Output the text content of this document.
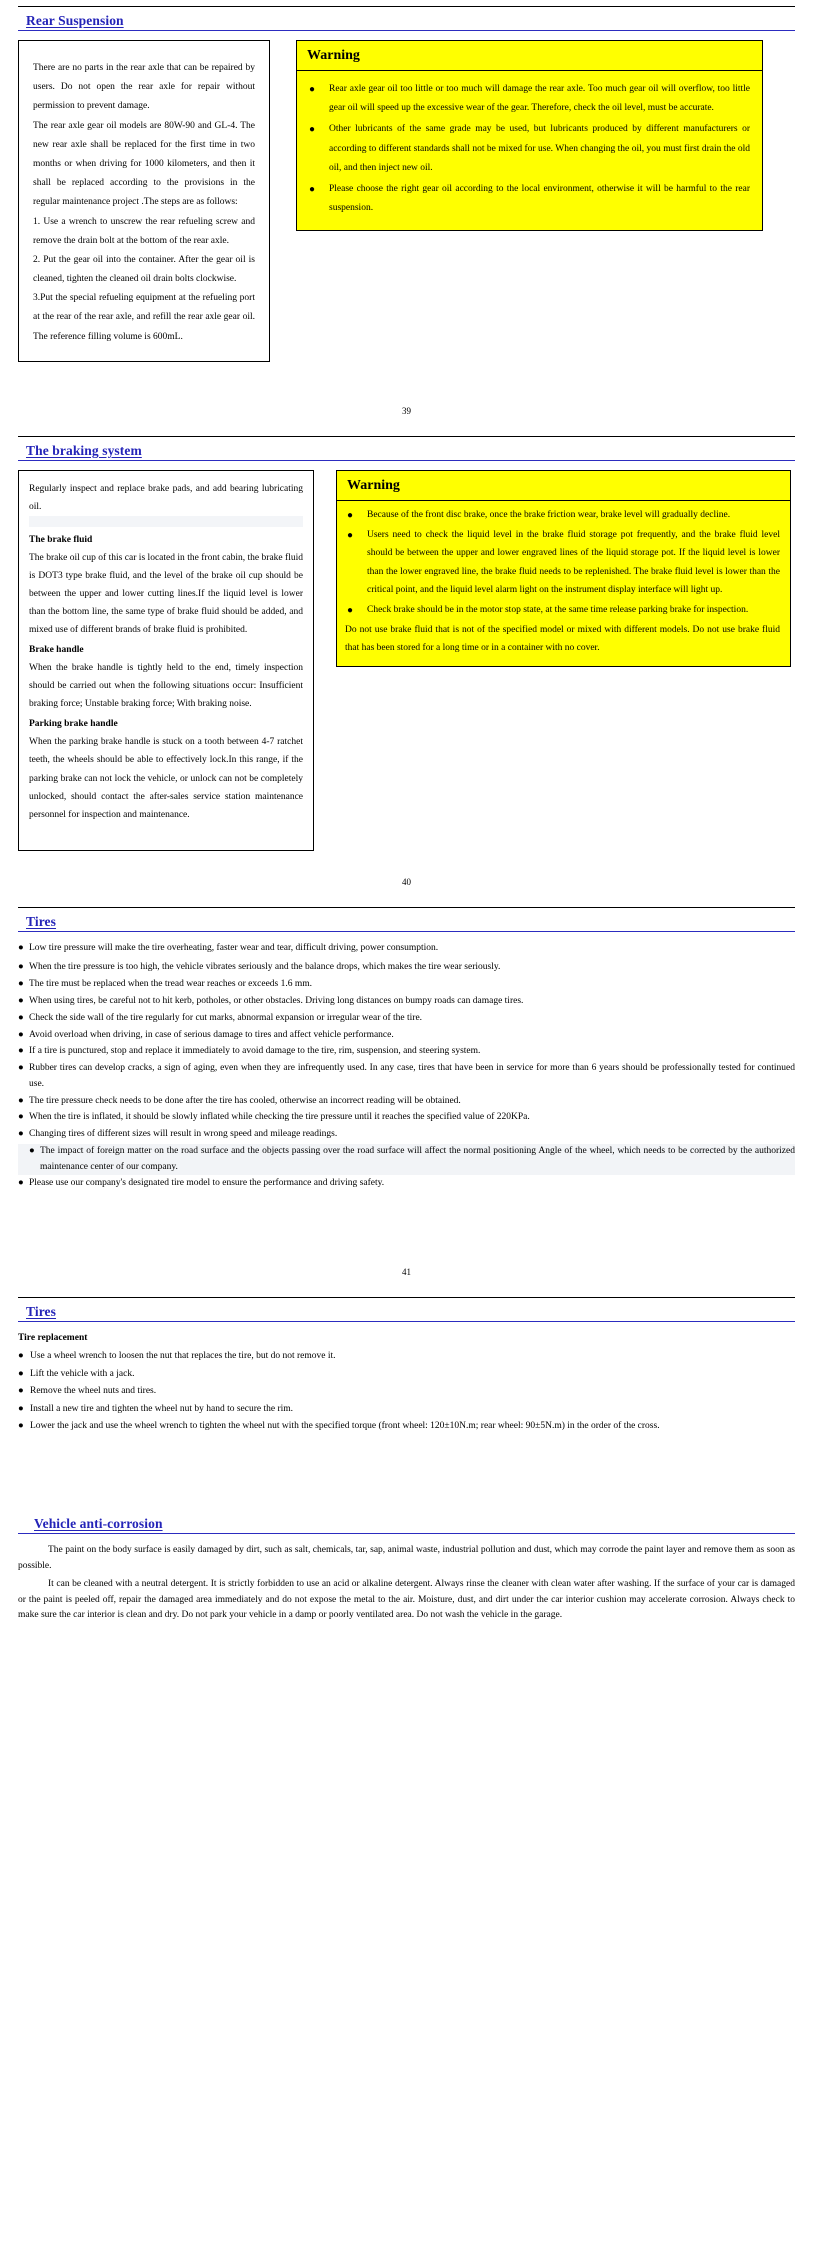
Rear Suspension

There are no parts in the rear axle that can be repaired by users. Do not open the rear axle for repair without permission to prevent damage.

The rear axle gear oil models are 80W-90 and GL-4. The new rear axle shall be replaced for the first time in two months or when driving for 1000 kilometers, and then it shall be replaced according to the provisions in the regular maintenance project .The steps are as follows:

1. Use a wrench to unscrew the rear refueling screw and remove the drain bolt at the bottom of the rear axle.

2. Put the gear oil into the container. After the gear oil is cleaned, tighten the cleaned oil drain bolts clockwise.

3.Put the special refueling equipment at the refueling port at the rear of the rear axle, and refill the rear axle gear oil. The reference filling volume is 600mL.

Warning
● Rear axle gear oil too little or too much will damage the rear axle. Too much gear oil will overflow, too little gear oil will speed up the excessive wear of the gear. Therefore, check the oil level, must be accurate.
● Other lubricants of the same grade may be used, but lubricants produced by different manufacturers or according to different standards shall not be mixed for use. When changing the oil, you must first drain the old oil, and then inject new oil.
● Please choose the right gear oil according to the local environment, otherwise it will be harmful to the rear suspension.

39

The braking system

Regularly inspect and replace brake pads, and add bearing lubricating oil.

The brake fluid

The brake oil cup of this car is located in the front cabin, the brake fluid is DOT3 type brake fluid, and the level of the brake oil cup should be between the upper and lower cutting lines.If the liquid level is lower than the bottom line, the same type of brake fluid should be added, and mixed use of different brands of brake fluid is prohibited.

Brake handle

When the brake handle is tightly held to the end, timely inspection should be carried out when the following situations occur: Insufficient braking force; Unstable braking force; With braking noise.

Parking brake handle

When the parking brake handle is stuck on a tooth between 4-7 ratchet teeth, the wheels should be able to effectively lock.In this range, if the parking brake can not lock the vehicle, or unlock can not be completely unlocked, should contact the after-sales service station maintenance personnel for inspection and maintenance.

Warning
● Because of the front disc brake, once the brake friction wear, brake level will gradually decline.
● Users need to check the liquid level in the brake fluid storage pot frequently, and the brake fluid level should be between the upper and lower engraved lines of the liquid storage pot. If the liquid level is lower than the lower engraved line, the brake fluid needs to be replenished. The brake fluid level is lower than the critical point, and the liquid level alarm light on the instrument display interface will light up.
● Check brake should be in the motor stop state, at the same time release parking brake for inspection.

Do not use brake fluid that is not of the specified model or mixed with different models. Do not use brake fluid that has been stored for a long time or in a container with no cover.

40

Tires
● Low tire pressure will make the tire overheating, faster wear and tear, difficult driving, power consumption.
● When the tire pressure is too high, the vehicle vibrates seriously and the balance drops, which makes the tire wear seriously.
● The tire must be replaced when the tread wear reaches or exceeds 1.6 mm.
● When using tires, be careful not to hit kerb, potholes, or other obstacles. Driving long distances on bumpy roads can damage tires.
● Check the side wall of the tire regularly for cut marks, abnormal expansion or irregular wear of the tire.
● Avoid overload when driving, in case of serious damage to tires and affect vehicle performance.
● If a tire is punctured, stop and replace it immediately to avoid damage to the tire, rim, suspension, and steering system.
● Rubber tires can develop cracks, a sign of aging, even when they are infrequently used. In any case, tires that have been in service for more than 6 years should be professionally tested for continued use.
● The tire pressure check needs to be done after the tire has cooled, otherwise an incorrect reading will be obtained.
● When the tire is inflated, it should be slowly inflated while checking the tire pressure until it reaches the specified value of 220KPa.
● Changing tires of different sizes will result in wrong speed and mileage readings.
● The impact of foreign matter on the road surface and the objects passing over the road surface will affect the normal positioning Angle of the wheel, which needs to be corrected by the authorized maintenance center of our company.
● Please use our company's designated tire model to ensure the performance and driving safety.

41

Tires

Tire replacement

● Use a wheel wrench to loosen the nut that replaces the tire, but do not remove it.
● Lift the vehicle with a jack.
● Remove the wheel nuts and tires.
● Install a new tire and tighten the wheel nut by hand to secure the rim.
● Lower the jack and use the wheel wrench to tighten the wheel nut with the specified torque (front wheel: 120±10N.m; rear wheel: 90±5N.m) in the order of the cross.
Vehicle anti-corrosion

The paint on the body surface is easily damaged by dirt, such as salt, chemicals, tar, sap, animal waste, industrial pollution and dust, which may corrode the paint layer and remove them as soon as possible.

It can be cleaned with a neutral detergent. It is strictly forbidden to use an acid or alkaline detergent. Always rinse the cleaner with clean water after washing. If the surface of your car is damaged or the paint is peeled off, repair the damaged area immediately and do not expose the metal to the air. Moisture, dust, and dirt under the car interior cushion may accelerate corrosion. Always check to make sure the car interior is clean and dry. Do not park your vehicle in a damp or poorly ventilated area. Do not wash the vehicle in the garage.
